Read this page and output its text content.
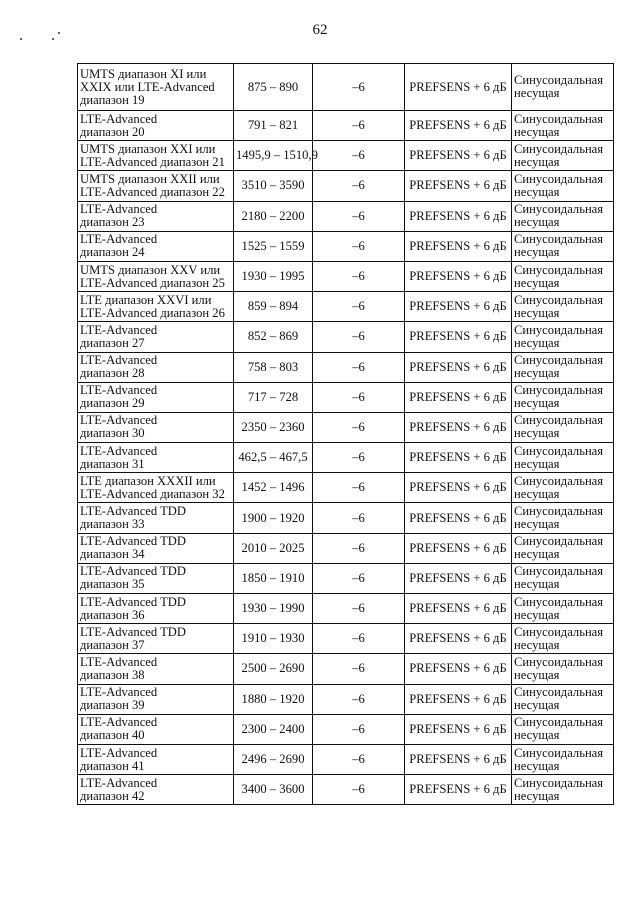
62
UMTS диапазон XI или
XXIX или LTE-Advanced
диапазон 19	875 – 890	–6	PREFSENS + 6 дБ	Синусоидальная
несущая

LTE-Advanced
диапазон 20	791 – 821	–6	PREFSENS + 6 дБ	Синусоидальная
несущая

UMTS диапазон XXI или
LTE-Advanced диапазон 21	1495,9 – 1510,9	–6	PREFSENS + 6 дБ	Синусоидальная
несущая

UMTS диапазон XXII или
LTE-Advanced диапазон 22	3510 – 3590	–6	PREFSENS + 6 дБ	Синусоидальная
несущая

LTE-Advanced
диапазон 23	2180 – 2200	–6	PREFSENS + 6 дБ	Синусоидальная
несущая

LTE-Advanced
диапазон 24	1525 – 1559	–6	PREFSENS + 6 дБ	Синусоидальная
несущая

UMTS диапазон XXV или
LTE-Advanced диапазон 25	1930 – 1995	–6	PREFSENS + 6 дБ	Синусоидальная
несущая

LTE диапазон XXVI или
LTE-Advanced диапазон 26	859 – 894	–6	PREFSENS + 6 дБ	Синусоидальная
несущая

LTE-Advanced
диапазон 27	852 – 869	–6	PREFSENS + 6 дБ	Синусоидальная
несущая

LTE-Advanced
диапазон 28	758 – 803	–6	PREFSENS + 6 дБ	Синусоидальная
несущая

LTE-Advanced
диапазон 29	717 – 728	–6	PREFSENS + 6 дБ	Синусоидальная
несущая

LTE-Advanced
диапазон 30	2350 – 2360	–6	PREFSENS + 6 дБ	Синусоидальная
несущая

LTE-Advanced
диапазон 31	462,5 – 467,5	–6	PREFSENS + 6 дБ	Синусоидальная
несущая

LTE диапазон XXXII или
LTE-Advanced диапазон 32	1452 – 1496	–6	PREFSENS + 6 дБ	Синусоидальная
несущая

LTE-Advanced TDD
диапазон 33	1900 – 1920	–6	PREFSENS + 6 дБ	Синусоидальная
несущая

LTE-Advanced TDD
диапазон 34	2010 – 2025	–6	PREFSENS + 6 дБ	Синусоидальная
несущая

LTE-Advanced TDD
диапазон 35	1850 – 1910	–6	PREFSENS + 6 дБ	Синусоидальная
несущая

LTE-Advanced TDD
диапазон 36	1930 – 1990	–6	PREFSENS + 6 дБ	Синусоидальная
несущая

LTE-Advanced TDD
диапазон 37	1910 – 1930	–6	PREFSENS + 6 дБ	Синусоидальная
несущая

LTE-Advanced
диапазон 38	2500 – 2690	–6	PREFSENS + 6 дБ	Синусоидальная
несущая

LTE-Advanced
диапазон 39	1880 – 1920	–6	PREFSENS + 6 дБ	Синусоидальная
несущая

LTE-Advanced
диапазон 40	2300 – 2400	–6	PREFSENS + 6 дБ	Синусоидальная
несущая

LTE-Advanced
диапазон 41	2496 – 2690	–6	PREFSENS + 6 дБ	Синусоидальная
несущая

LTE-Advanced
диапазон 42	3400 – 3600	–6	PREFSENS + 6 дБ	Синусоидальная
несущая
